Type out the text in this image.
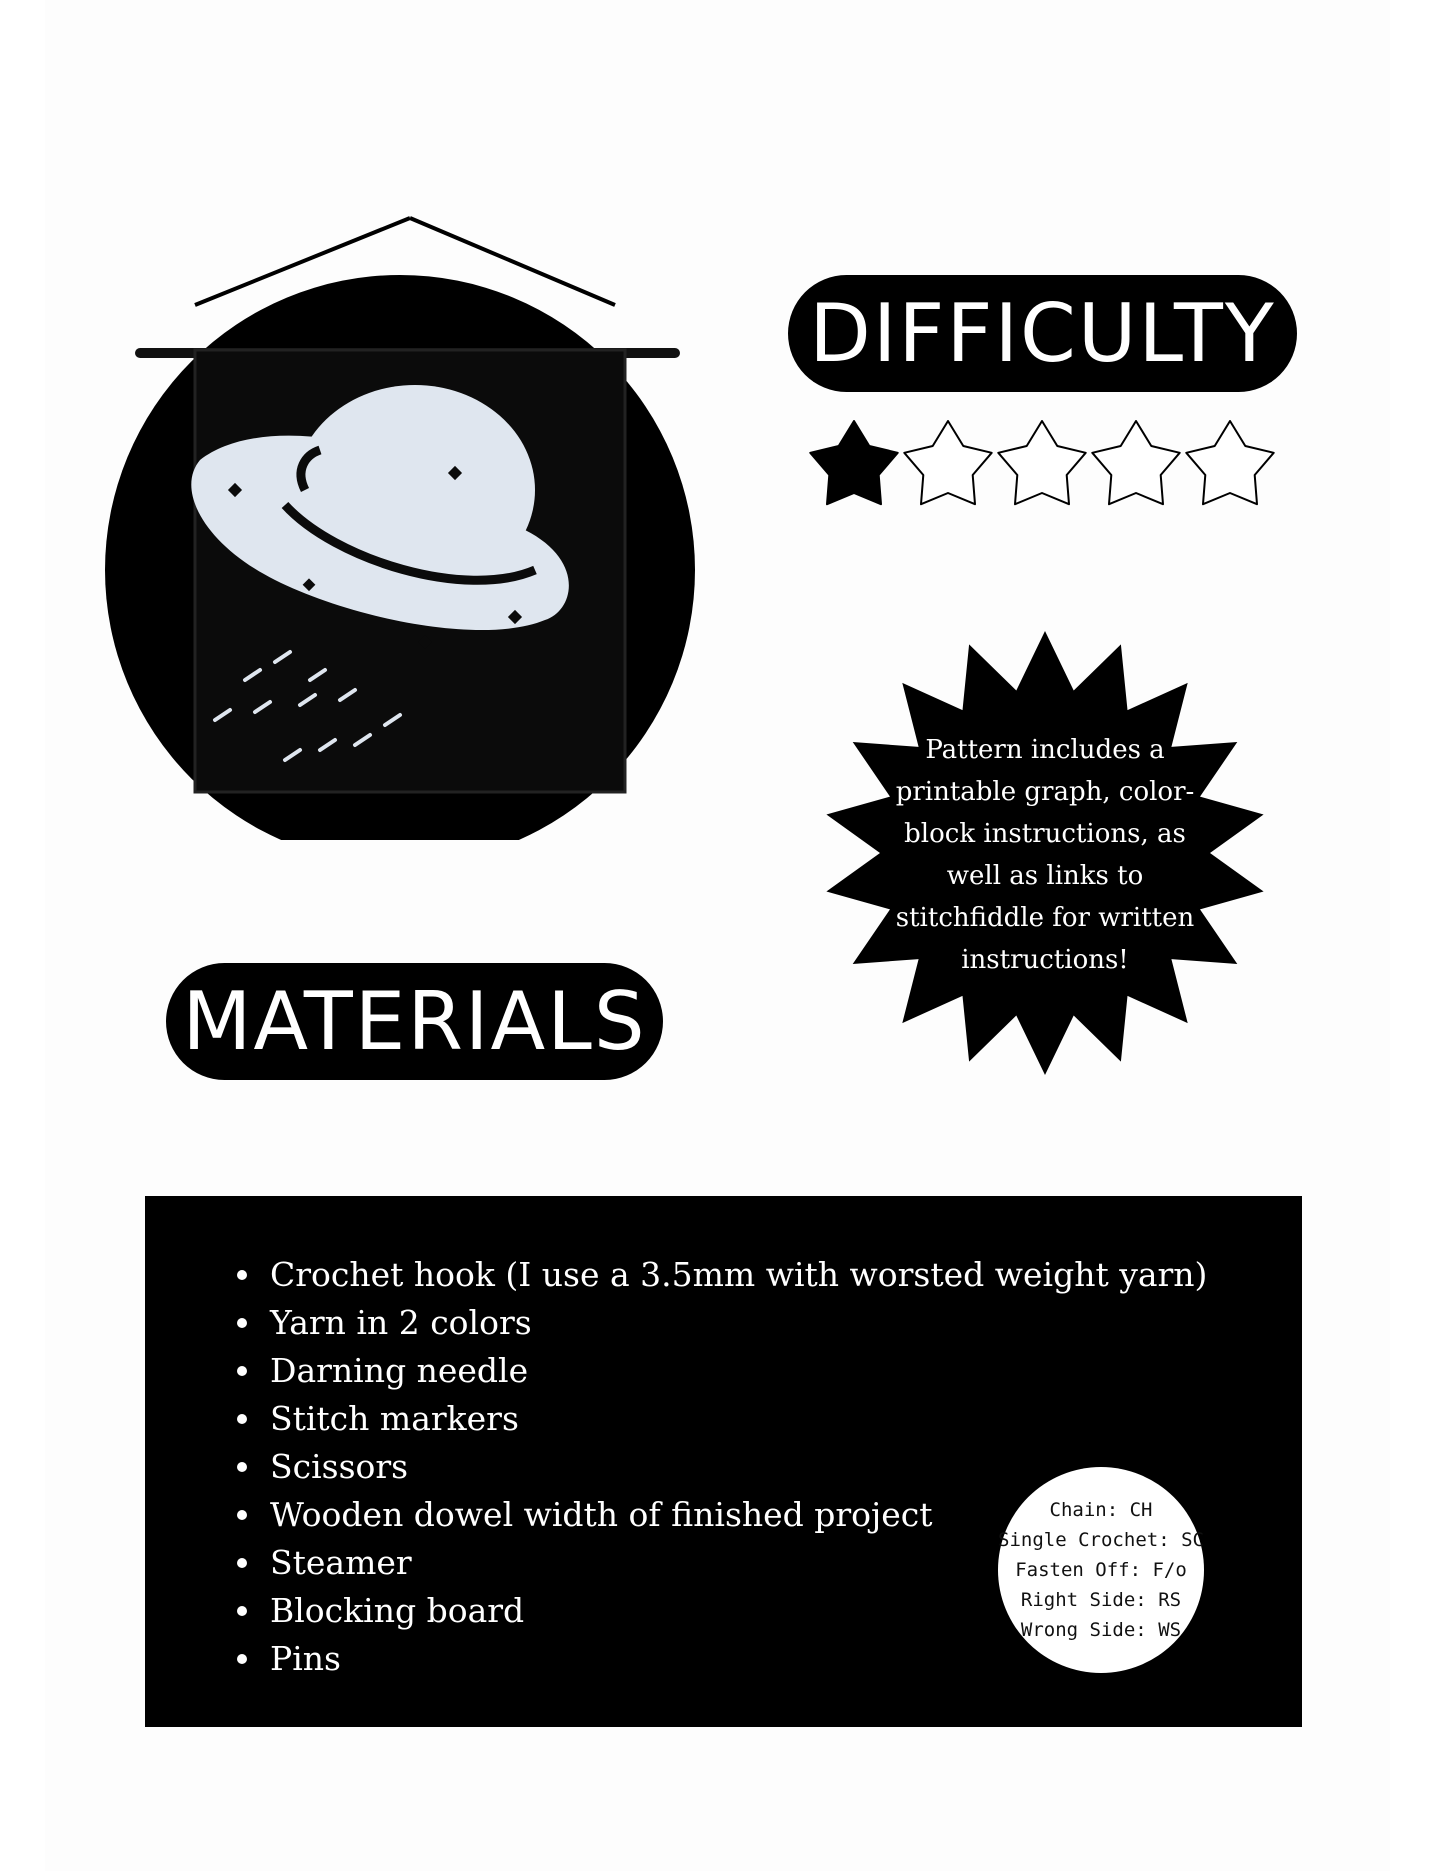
DIFFICULTY
Pattern includes a
printable graph, color-
block instructions, as
well as links to
stitchfiddle for written
instructions!
MATERIALS
Crochet hook (I use a 3.5mm with worsted weight yarn)
Yarn in 2 colors
Darning needle
Stitch markers
Scissors
Wooden dowel width of finished project
Steamer
Blocking board
Pins
Chain: CH
Single Crochet: SC
Fasten Off: F/o
Right Side: RS
Wrong Side: WS
